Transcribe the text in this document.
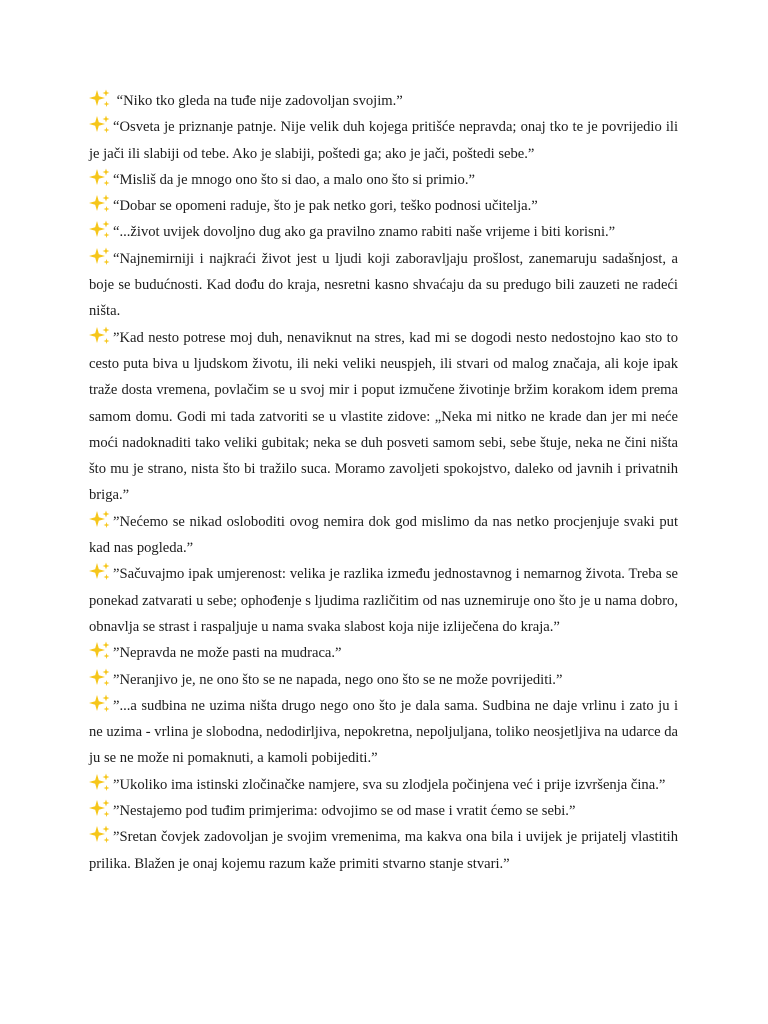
“Niko tko gleda na tuđe nije zadovoljan svojim.”

“Osveta je priznanje patnje. Nije velik duh kojega pritišće nepravda; onaj tko te je povrijedio ili je jači ili slabiji od tebe. Ako je slabiji, poštedi ga; ako je jači, poštedi sebe.”

“Misliš da je mnogo ono što si dao, a malo ono što si primio.”

“Dobar se opomeni raduje, što je pak netko gori, teško podnosi učitelja.”

“...život uvijek dovoljno dug ako ga pravilno znamo rabiti naše vrijeme i biti korisni.”

“Najnemirniji i najkraći život jest u ljudi koji zaboravljaju prošlost, zanemaruju sadašnjost, a boje se budućnosti. Kad dođu do kraja, nesretni kasno shvaćaju da su predugo bili zauzeti ne radeći ništa.

”Kad nesto potrese moj duh, nenaviknut na stres, kad mi se dogodi nesto nedostojno kao sto to cesto puta biva u ljudskom životu, ili neki veliki neuspjeh, ili stvari od malog značaja, ali koje ipak traže dosta vremena, povlačim se u svoj mir i poput izmučene životinje bržim korakom idem prema samom domu. Godi mi tada zatvoriti se u vlastite zidove: „Neka mi nitko ne krade dan jer mi neće moći nadoknaditi tako veliki gubitak; neka se duh posveti samom sebi, sebe štuje, neka ne čini ništa što mu je strano, nista što bi tražilo suca. Moramo zavoljeti spokojstvo, daleko od javnih i privatnih briga.”

”Nećemo se nikad osloboditi ovog nemira dok god mislimo da nas netko procjenjuje svaki put kad nas pogleda.”

”Sačuvajmo ipak umjerenost: velika je razlika između jednostavnog i nemarnog života. Treba se ponekad zatvarati u sebe; ophođenje s ljudima različitim od nas uznemiruje ono što je u nama dobro, obnavlja se strast i raspaljuje u nama svaka slabost koja nije izliječena do kraja.”

”Nepravda ne može pasti na mudraca.”

”Neranjivo je, ne ono što se ne napada, nego ono što se ne može povrijediti.”

”...a sudbina ne uzima ništa drugo nego ono što je dala sama. Sudbina ne daje vrlinu i zato ju i ne uzima - vrlina je slobodna, nedodirljiva, nepokretna, nepoljuljana, toliko neosjetljiva na udarce da ju se ne može ni pomaknuti, a kamoli pobijediti.”

”Ukoliko ima istinski zločinačke namjere, sva su zlodjela počinjena već i prije izvršenja čina.”

”Nestajemo pod tuđim primjerima: odvojimo se od mase i vratit ćemo se sebi.”

”Sretan čovjek zadovoljan je svojim vremenima, ma kakva ona bila i uvijek je prijatelj vlastitih prilika. Blažen je onaj kojemu razum kaže primiti stvarno stanje stvari.”
